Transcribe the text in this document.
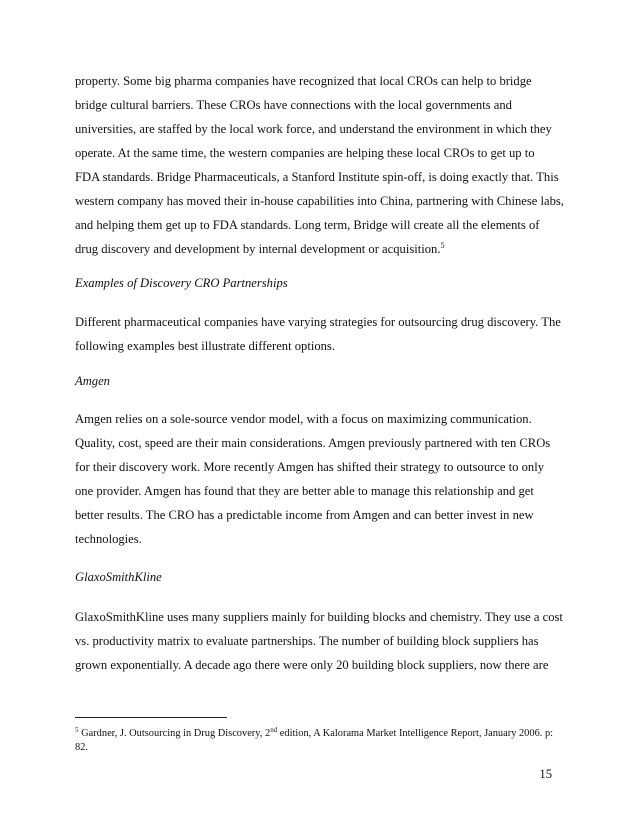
property. Some big pharma companies have recognized that local CROs can help to bridge
bridge cultural barriers. These CROs have connections with the local governments and
universities, are staffed by the local work force, and understand the environment in which they
operate. At the same time, the western companies are helping these local CROs to get up to
FDA standards. Bridge Pharmaceuticals, a Stanford Institute spin-off, is doing exactly that. This
western company has moved their in-house capabilities into China, partnering with Chinese labs,
and helping them get up to FDA standards. Long term, Bridge will create all the elements of
drug discovery and development by internal development or acquisition.$^5$
Examples of Discovery CRO Partnerships
Different pharmaceutical companies have varying strategies for outsourcing drug discovery. The
following examples best illustrate different options.
Amgen
Amgen relies on a sole-source vendor model, with a focus on maximizing communication.
Quality, cost, speed are their main considerations. Amgen previously partnered with ten CROs
for their discovery work. More recently Amgen has shifted their strategy to outsource to only
one provider. Amgen has found that they are better able to manage this relationship and get
better results. The CRO has a predictable income from Amgen and can better invest in new
technologies.
GlaxoSmithKline
GlaxoSmithKline uses many suppliers mainly for building blocks and chemistry. They use a cost
vs. productivity matrix to evaluate partnerships. The number of building block suppliers has
grown exponentially. A decade ago there were only 20 building block suppliers, now there are
$^5$ Gardner, J. Outsourcing in Drug Discovery, 2nd edition, A Kalorama Market Intelligence Report, January 2006. p:
82.
15
